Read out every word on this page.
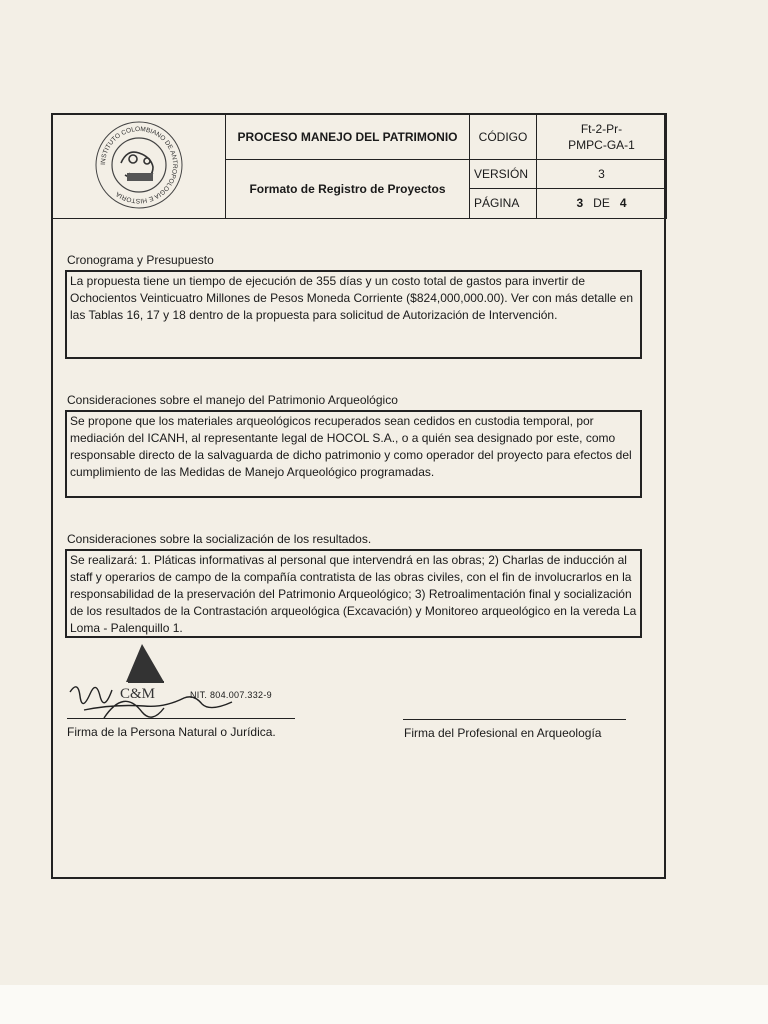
INSTITUTO COLOMBIANO DE ANTROPOLOGIA E HISTORIA	PROCESO MANEJO DEL PATRIMONIO	CÓDIGO	Ft-2-Pr-
PMPC-GA-1

	Formato de Registro de Proyectos	VERSIÓN	3
		PÁGINA	3 DE 4
Cronograma y Presupuesto
La propuesta tiene un tiempo de ejecución de 355 días y un costo total de gastos para invertir de Ochocientos Veinticuatro Millones de Pesos Moneda Corriente ($824,000,000.00). Ver con más detalle en las Tablas 16, 17 y 18 dentro de la propuesta para solicitud de Autorización de Intervención.
Consideraciones sobre el manejo del Patrimonio Arqueológico
Se propone que los materiales arqueológicos recuperados sean cedidos en custodia temporal, por mediación del ICANH, al representante legal de HOCOL S.A., o a quién sea designado por este, como responsable directo de la salvaguarda de dicho patrimonio y como operador del proyecto para efectos del cumplimiento de las Medidas de Manejo Arqueológico programadas.
Consideraciones sobre la socialización de los resultados.
Se realizará: 1. Pláticas informativas al personal que intervendrá en las obras; 2) Charlas de inducción al staff y operarios de campo de la compañía contratista de las obras civiles, con el fin de involucrarlos en la responsabilidad de la preservación del Patrimonio Arqueológico; 3) Retroalimentación final y socialización de los resultados de la Contrastación arqueológica (Excavación) y Monitoreo arqueológico en la vereda La Loma - Palenquillo 1.
C&M	NIT. 804.007.332-9
Firma de la Persona Natural o Jurídica.	Firma del Profesional en Arqueología
